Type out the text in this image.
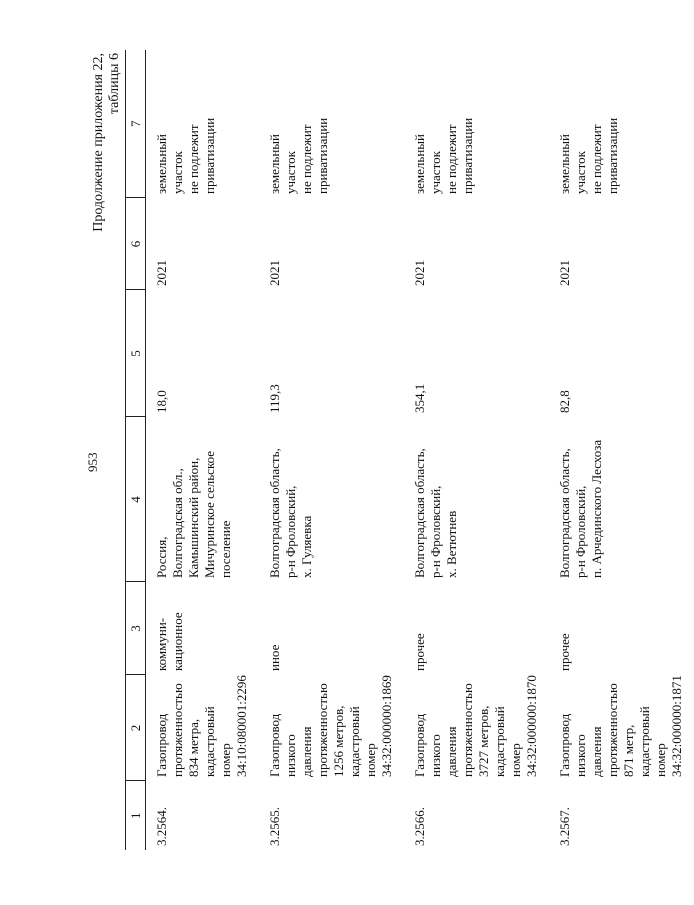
953
Продолжение приложения 22, таблицы 6
1	2	3	4	5	6	7
3.2564.	Газопровод
протяженностью
834 метра,
кадастровый номер
34:10:080001:2296	коммуни-
кационное	Россия,
Волгоградская обл.,
Камышинский район,
Мичуринское сельское
поселение	18,0	2021	земельный
участок
не подлежит
приватизации
3.2565.	Газопровод низкого
давления протяженностью
1256 метров,
кадастровый номер
34:32:000000:1869	иное	Волгоградская область,
р-н Фроловский,
х. Гуляевка	119,3	2021	земельный
участок
не подлежит
приватизации
3.2566.	Газопровод низкого
давления протяженностью
3727 метров,
кадастровый номер
34:32:000000:1870	прочее	Волгоградская область,
р-н Фроловский,
х. Ветютнев	354,1	2021	земельный
участок
не подлежит
приватизации
3.2567.	Газопровод низкого
давления протяженностью
871 метр,
кадастровый номер
34:32:000000:1871	прочее	Волгоградская область,
р-н Фроловский,
п. Арчединского Лесхоза	82,8	2021	земельный
участок
не подлежит
приватизации
